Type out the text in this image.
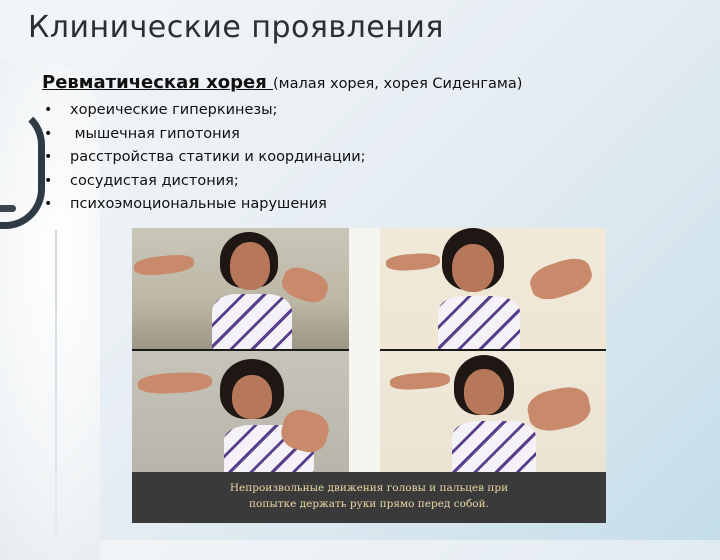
Клинические проявления
Ревматическая хорея (малая хорея, хорея Сиденгама)
• хореические гиперкинезы;
• мышечная гипотония
• расстройства статики и координации;
• сосудистая дистония;
• психоэмоциональные нарушения
Непроизвольные движения головы и пальцев при
попытке держать руки прямо перед собой.
